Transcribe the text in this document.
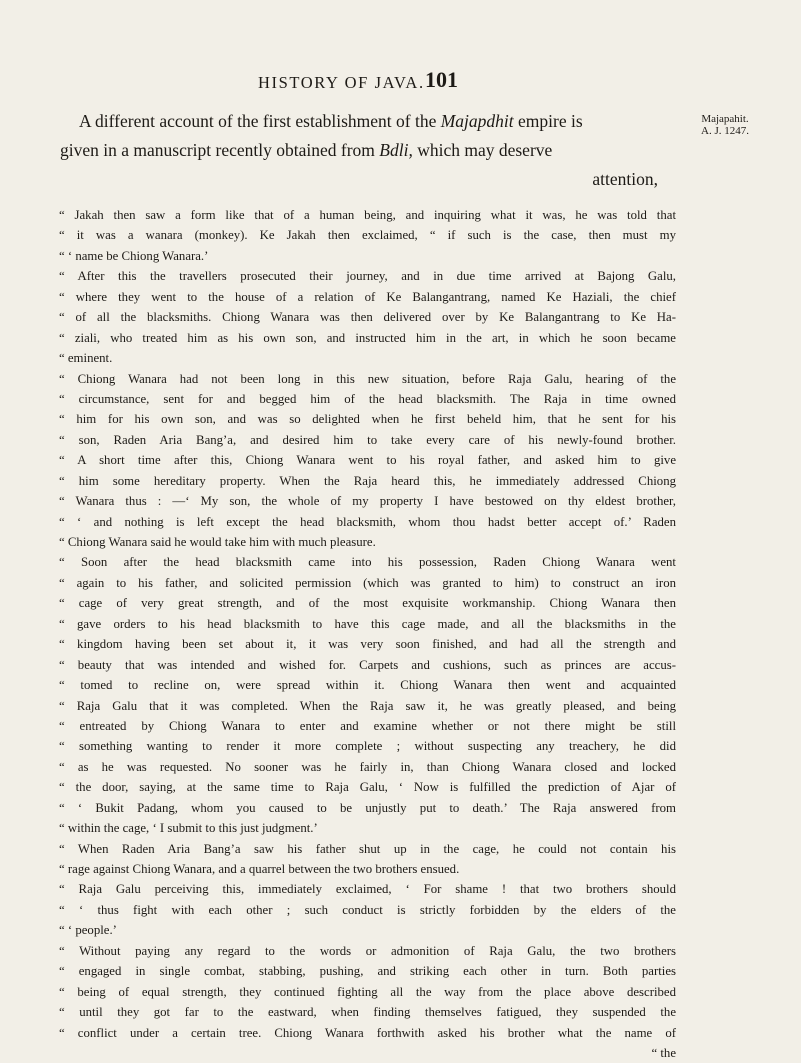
HISTORY OF JAVA. 101
Majapahit.
A. J. 1247.
A different account of the first establishment of the Majapdhit empire is
given in a manuscript recently obtained from Bdli, which may deserve
attention,
“ Jakah then saw a form like that of a human being, and inquiring what it was, he was told that
“ it was a wanara (monkey). Ke Jakah then exclaimed, “ if such is the case, then must my
“ ‘ name be Chiong Wanara.’
“ After this the travellers prosecuted their journey, and in due time arrived at Bajong Galu,
“ where they went to the house of a relation of Ke Balangantrang, named Ke Haziali, the chief
“ of all the blacksmiths. Chiong Wanara was then delivered over by Ke Balangantrang to Ke Ha-
“ ziali, who treated him as his own son, and instructed him in the art, in which he soon became
“ eminent.
“ Chiong Wanara had not been long in this new situation, before Raja Galu, hearing of the
“ circumstance, sent for and begged him of the head blacksmith. The Raja in time owned
“ him for his own son, and was so delighted when he first beheld him, that he sent for his
“ son, Raden Aria Bang’a, and desired him to take every care of his newly-found brother.
“ A short time after this, Chiong Wanara went to his royal father, and asked him to give
“ him some hereditary property. When the Raja heard this, he immediately addressed Chiong
“ Wanara thus : —‘ My son, the whole of my property I have bestowed on thy eldest brother,
“ ‘ and nothing is left except the head blacksmith, whom thou hadst better accept of.’ Raden
“ Chiong Wanara said he would take him with much pleasure.
“ Soon after the head blacksmith came into his possession, Raden Chiong Wanara went
“ again to his father, and solicited permission (which was granted to him) to construct an iron
“ cage of very great strength, and of the most exquisite workmanship. Chiong Wanara then
“ gave orders to his head blacksmith to have this cage made, and all the blacksmiths in the
“ kingdom having been set about it, it was very soon finished, and had all the strength and
“ beauty that was intended and wished for. Carpets and cushions, such as princes are accus-
“ tomed to recline on, were spread within it. Chiong Wanara then went and acquainted
“ Raja Galu that it was completed. When the Raja saw it, he was greatly pleased, and being
“ entreated by Chiong Wanara to enter and examine whether or not there might be still
“ something wanting to render it more complete ; without suspecting any treachery, he did
“ as he was requested. No sooner was he fairly in, than Chiong Wanara closed and locked
“ the door, saying, at the same time to Raja Galu, ‘ Now is fulfilled the prediction of Ajar of
“ ‘ Bukit Padang, whom you caused to be unjustly put to death.’ The Raja answered from
“ within the cage, ‘ I submit to this just judgment.’
“ When Raden Aria Bang’a saw his father shut up in the cage, he could not contain his
“ rage against Chiong Wanara, and a quarrel between the two brothers ensued.
“ Raja Galu perceiving this, immediately exclaimed, ‘ For shame ! that two brothers should
“ ‘ thus fight with each other ; such conduct is strictly forbidden by the elders of the
“ ‘ people.’
“ Without paying any regard to the words or admonition of Raja Galu, the two brothers
“ engaged in single combat, stabbing, pushing, and striking each other in turn. Both parties
“ being of equal strength, they continued fighting all the way from the place above described
“ until they got far to the eastward, when finding themselves fatigued, they suspended the
“ conflict under a certain tree. Chiong Wanara forthwith asked his brother what the name of
“ the
